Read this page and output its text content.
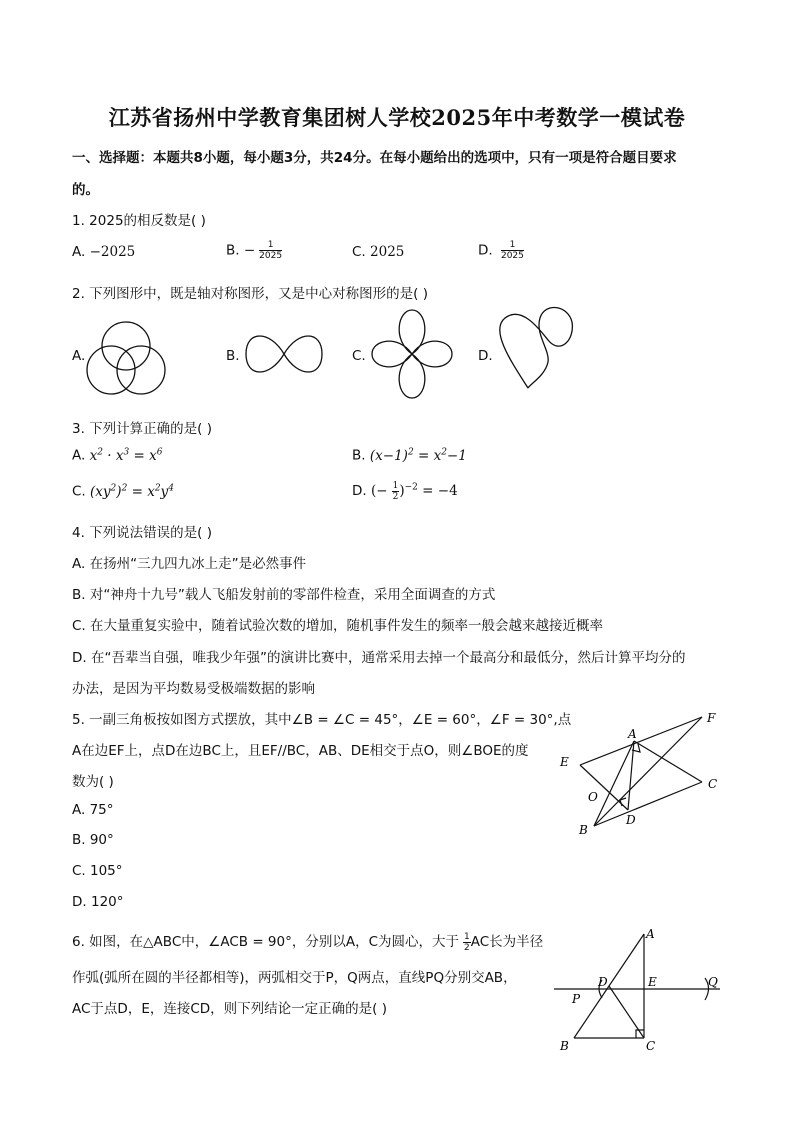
江苏省扬州中学教育集团树人学校2025年中考数学一模试卷
一、选择题：本题共8小题，每小题3分，共24分。在每小题给出的选项中，只有一项是符合题目要求
的。
1. 2025的相反数是( )
A. −2025	B. − $\frac{1}{2025}$	C. 2025	D. $\frac{1}{2025}$
2. 下列图形中，既是轴对称图形，又是中心对称图形的是( )
A.	B.	C.	D.
3. 下列计算正确的是( )
A. $x^2 \cdot x^3 = x^6$	B. $(x-1)^2 = x^2-1$
C. $(xy^2)^2 = x^2y^4$	D. (− $\frac{1}{2} )^{-2} = -4$
4. 下列说法错误的是( )
A. 在扬州“三九四九冰上走”是必然事件
B. 对“神舟十九号”载人飞船发射前的零部件检查，采用全面调查的方式
C. 在大量重复实验中，随着试验次数的增加，随机事件发生的频率一般会越来越接近概率
D. 在“吾辈当自强，唯我少年强”的演讲比赛中，通常采用去掉一个最高分和最低分，然后计算平均分的
办法，是因为平均数易受极端数据的影响
5. 一副三角板按如图方式摆放，其中∠B = ∠C = 45°，∠E = 60°，∠F = 30°,点
A在边EF上，点D在边BC上，且EF//BC，AB、DE相交于点O，则∠BOE的度
数为( )
A. 75°
B. 90°
C. 105°
D. 120°
F
A
E
C
O
D
B
6. 如图，在△ABC中，∠ACB = 90°，分别以A，C为圆心，大于 $\frac{1}{2}$ AC长为半径
作弧(弧所在圆的半径都相等)，两弧相交于P，Q两点，直线PQ分别交AB，
AC于点D，E，连接CD，则下列结论一定正确的是( )
A
D	E	Q
P
B	C
